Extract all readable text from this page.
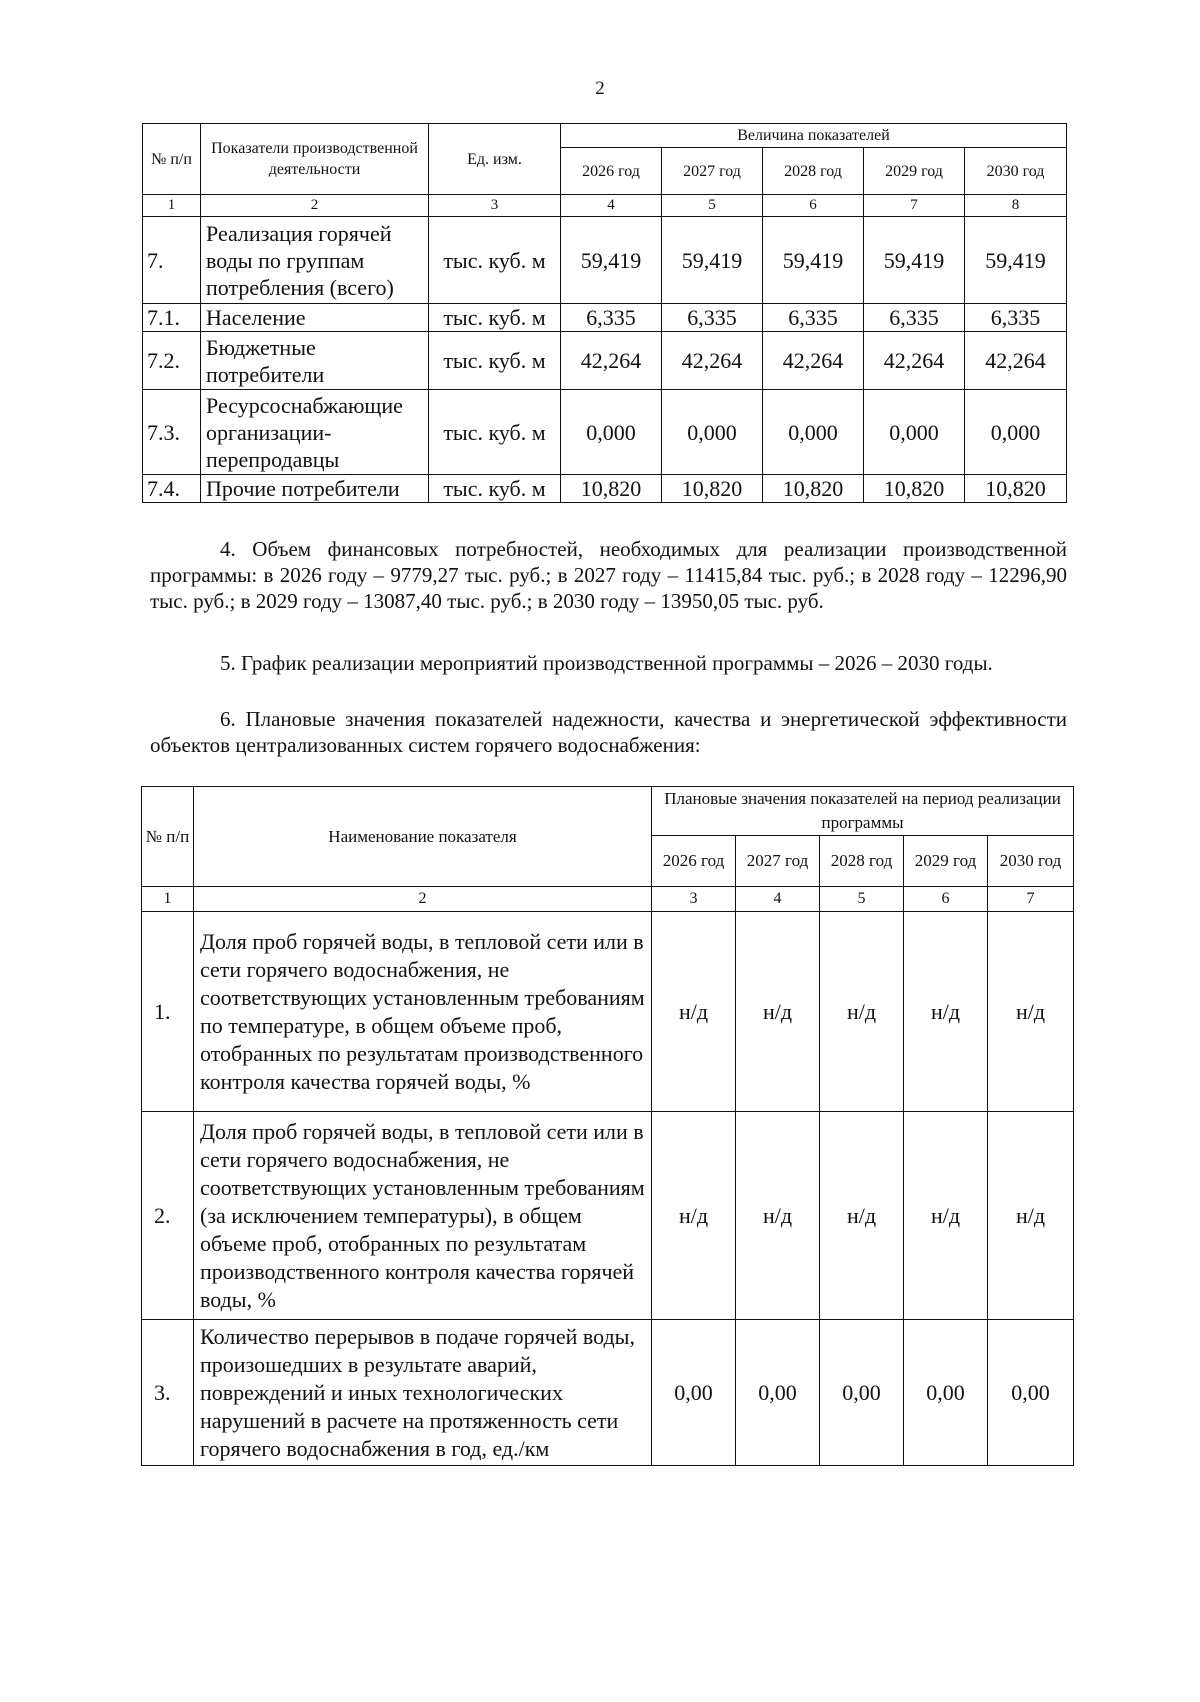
2
№ п/п	Показатели производственной деятельности	Ед. изм.	Величина показателей				
			2026 год	2027 год	2028 год	2029 год	2030 год
1	2	3	4	5	6	7	8
7.	Реализация горячей воды по группам потребления (всего)	тыс. куб. м	59,419	59,419	59,419	59,419	59,419
7.1.	Население	тыс. куб. м	6,335	6,335	6,335	6,335	6,335
7.2.	Бюджетные потребители	тыс. куб. м	42,264	42,264	42,264	42,264	42,264
7.3.	Ресурсоснабжающие организации-перепродавцы	тыс. куб. м	0,000	0,000	0,000	0,000	0,000
7.4.	Прочие потребители	тыс. куб. м	10,820	10,820	10,820	10,820	10,820
4. Объем финансовых потребностей, необходимых для реализации производственной программы: в 2026 году – 9779,27 тыс. руб.; в 2027 году – 11415,84 тыс. руб.; в 2028 году – 12296,90 тыс. руб.; в 2029 году – 13087,40 тыс. руб.; в 2030 году – 13950,05 тыс. руб.
5. График реализации мероприятий производственной программы – 2026 – 2030 годы.
6. Плановые значения показателей надежности, качества и энергетической эффективности объектов централизованных систем горячего водоснабжения:
№ п/п	Наименование показателя	Плановые значения показателей на период реализации программы				
		2026 год	2027 год	2028 год	2029 год	2030 год
1	2	3	4	5	6	7
1.	Доля проб горячей воды, в тепловой сети или в сети горячего водоснабжения, не соответствующих установленным требованиям по температуре, в общем объеме проб, отобранных по результатам производственного контроля качества горячей воды, %	н/д	н/д	н/д	н/д	н/д
2.	Доля проб горячей воды, в тепловой сети или в сети горячего водоснабжения, не соответствующих установленным требованиям (за исключением температуры), в общем объеме проб, отобранных по результатам производственного контроля качества горячей воды, %	н/д	н/д	н/д	н/д	н/д
3.	Количество перерывов в подаче горячей воды, произошедших в результате аварий, повреждений и иных технологических нарушений в расчете на протяженность сети горячего водоснабжения в год, ед./км	0,00	0,00	0,00	0,00	0,00
